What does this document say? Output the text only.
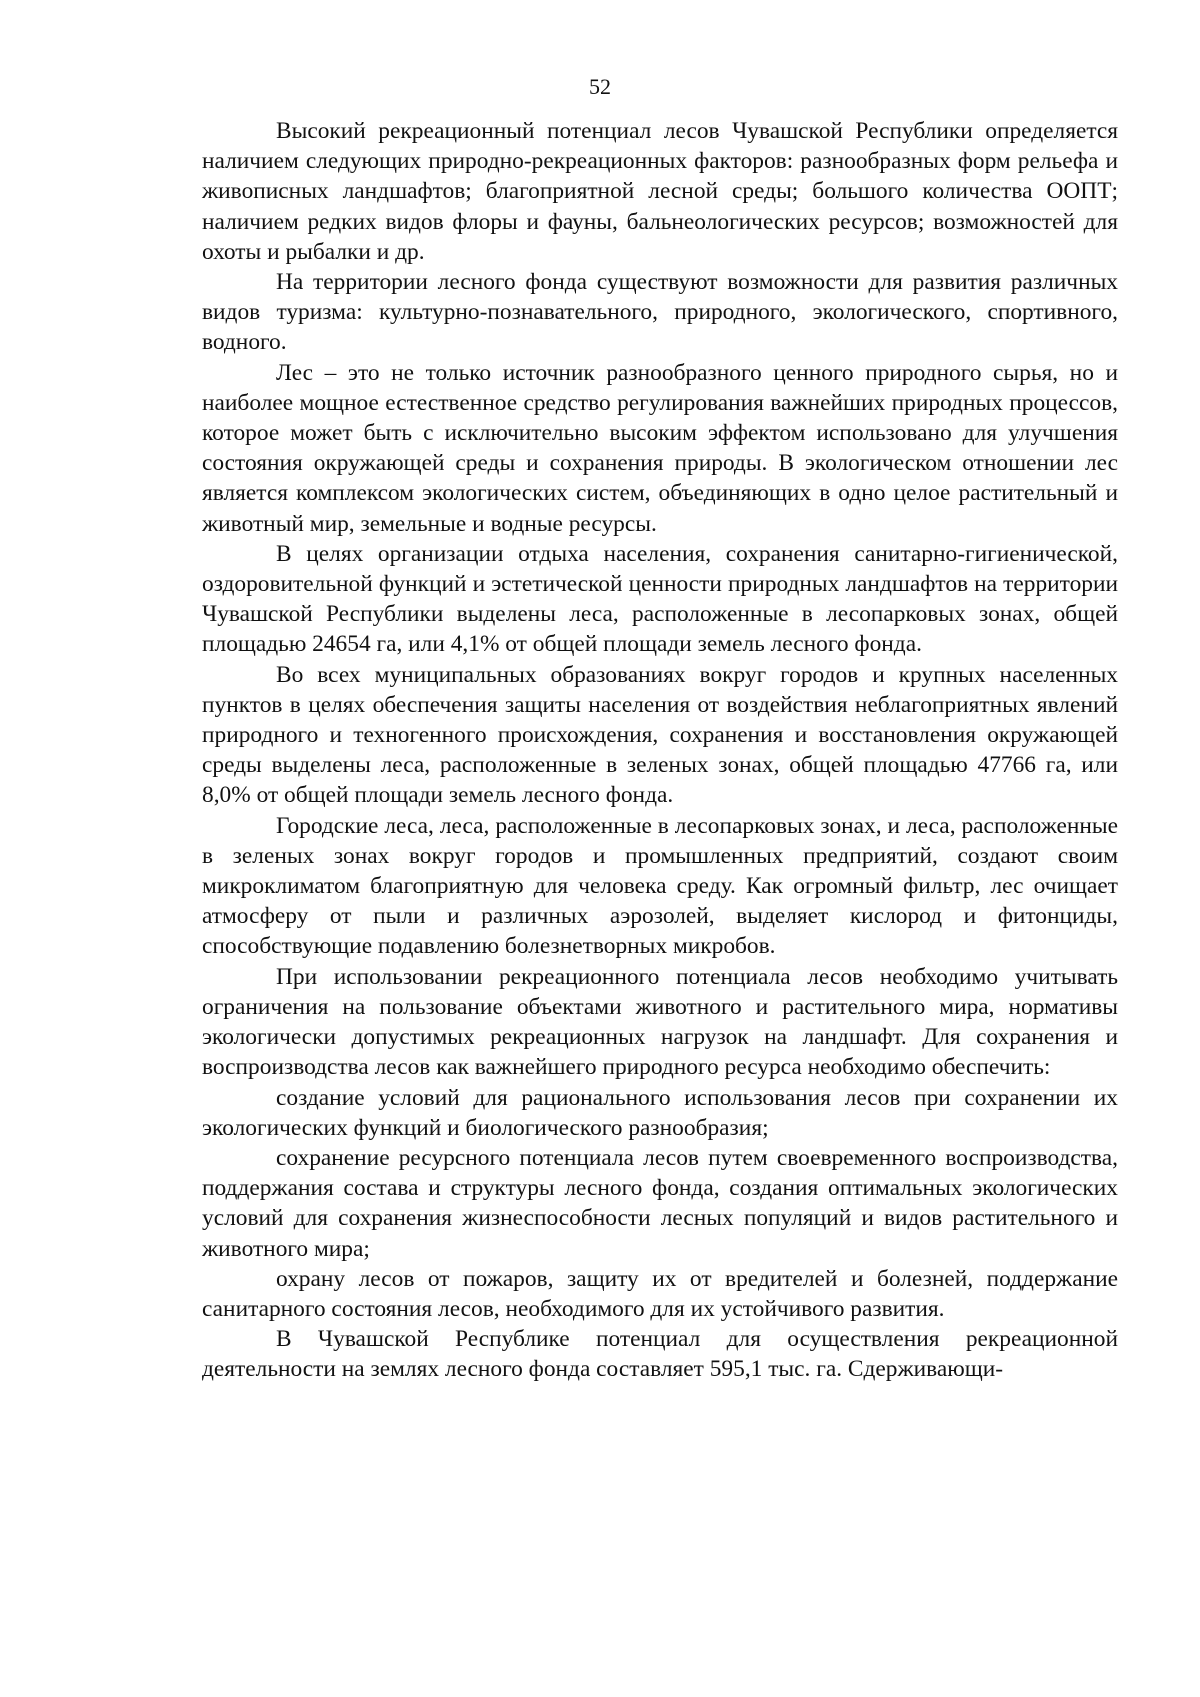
52

Высокий рекреационный потенциал лесов Чувашской Республики определяется наличием следующих природно-рекреационных факторов: разнообразных форм рельефа и живописных ландшафтов; благоприятной лесной среды; большого количества ООПТ; наличием редких видов флоры и фауны, бальнеологических ресурсов; возможностей для охоты и рыбалки и др.

На территории лесного фонда существуют возможности для развития различных видов туризма: культурно-познавательного, природного, экологического, спортивного, водного.

Лес – это не только источник разнообразного ценного природного сырья, но и наиболее мощное естественное средство регулирования важнейших природных процессов, которое может быть с исключительно высоким эффектом использовано для улучшения состояния окружающей среды и сохранения природы. В экологическом отношении лес является комплексом экологических систем, объединяющих в одно целое растительный и животный мир, земельные и водные ресурсы.

В целях организации отдыха населения, сохранения санитарно-гигиенической, оздоровительной функций и эстетической ценности природных ландшафтов на территории Чувашской Республики выделены леса, расположенные в лесопарковых зонах, общей площадью 24654 га, или 4,1% от общей площади земель лесного фонда.

Во всех муниципальных образованиях вокруг городов и крупных населенных пунктов в целях обеспечения защиты населения от воздействия неблагоприятных явлений природного и техногенного происхождения, сохранения и восстановления окружающей среды выделены леса, расположенные в зеленых зонах, общей площадью 47766 га, или 8,0% от общей площади земель лесного фонда.

Городские леса, леса, расположенные в лесопарковых зонах, и леса, расположенные в зеленых зонах вокруг городов и промышленных предприятий, создают своим микроклиматом благоприятную для человека среду. Как огромный фильтр, лес очищает атмосферу от пыли и различных аэрозолей, выделяет кислород и фитонциды, способствующие подавлению болезнетворных микробов.

При использовании рекреационного потенциала лесов необходимо учитывать ограничения на пользование объектами животного и растительного мира, нормативы экологически допустимых рекреационных нагрузок на ландшафт. Для сохранения и воспроизводства лесов как важнейшего природного ресурса необходимо обеспечить:

создание условий для рационального использования лесов при сохранении их экологических функций и биологического разнообразия;

сохранение ресурсного потенциала лесов путем своевременного воспроизводства, поддержания состава и структуры лесного фонда, создания оптимальных экологических условий для сохранения жизнеспособности лесных популяций и видов растительного и животного мира;

охрану лесов от пожаров, защиту их от вредителей и болезней, поддержание санитарного состояния лесов, необходимого для их устойчивого развития.

В Чувашской Республике потенциал для осуществления рекреационной деятельности на землях лесного фонда составляет 595,1 тыс. га. Сдерживающи-
